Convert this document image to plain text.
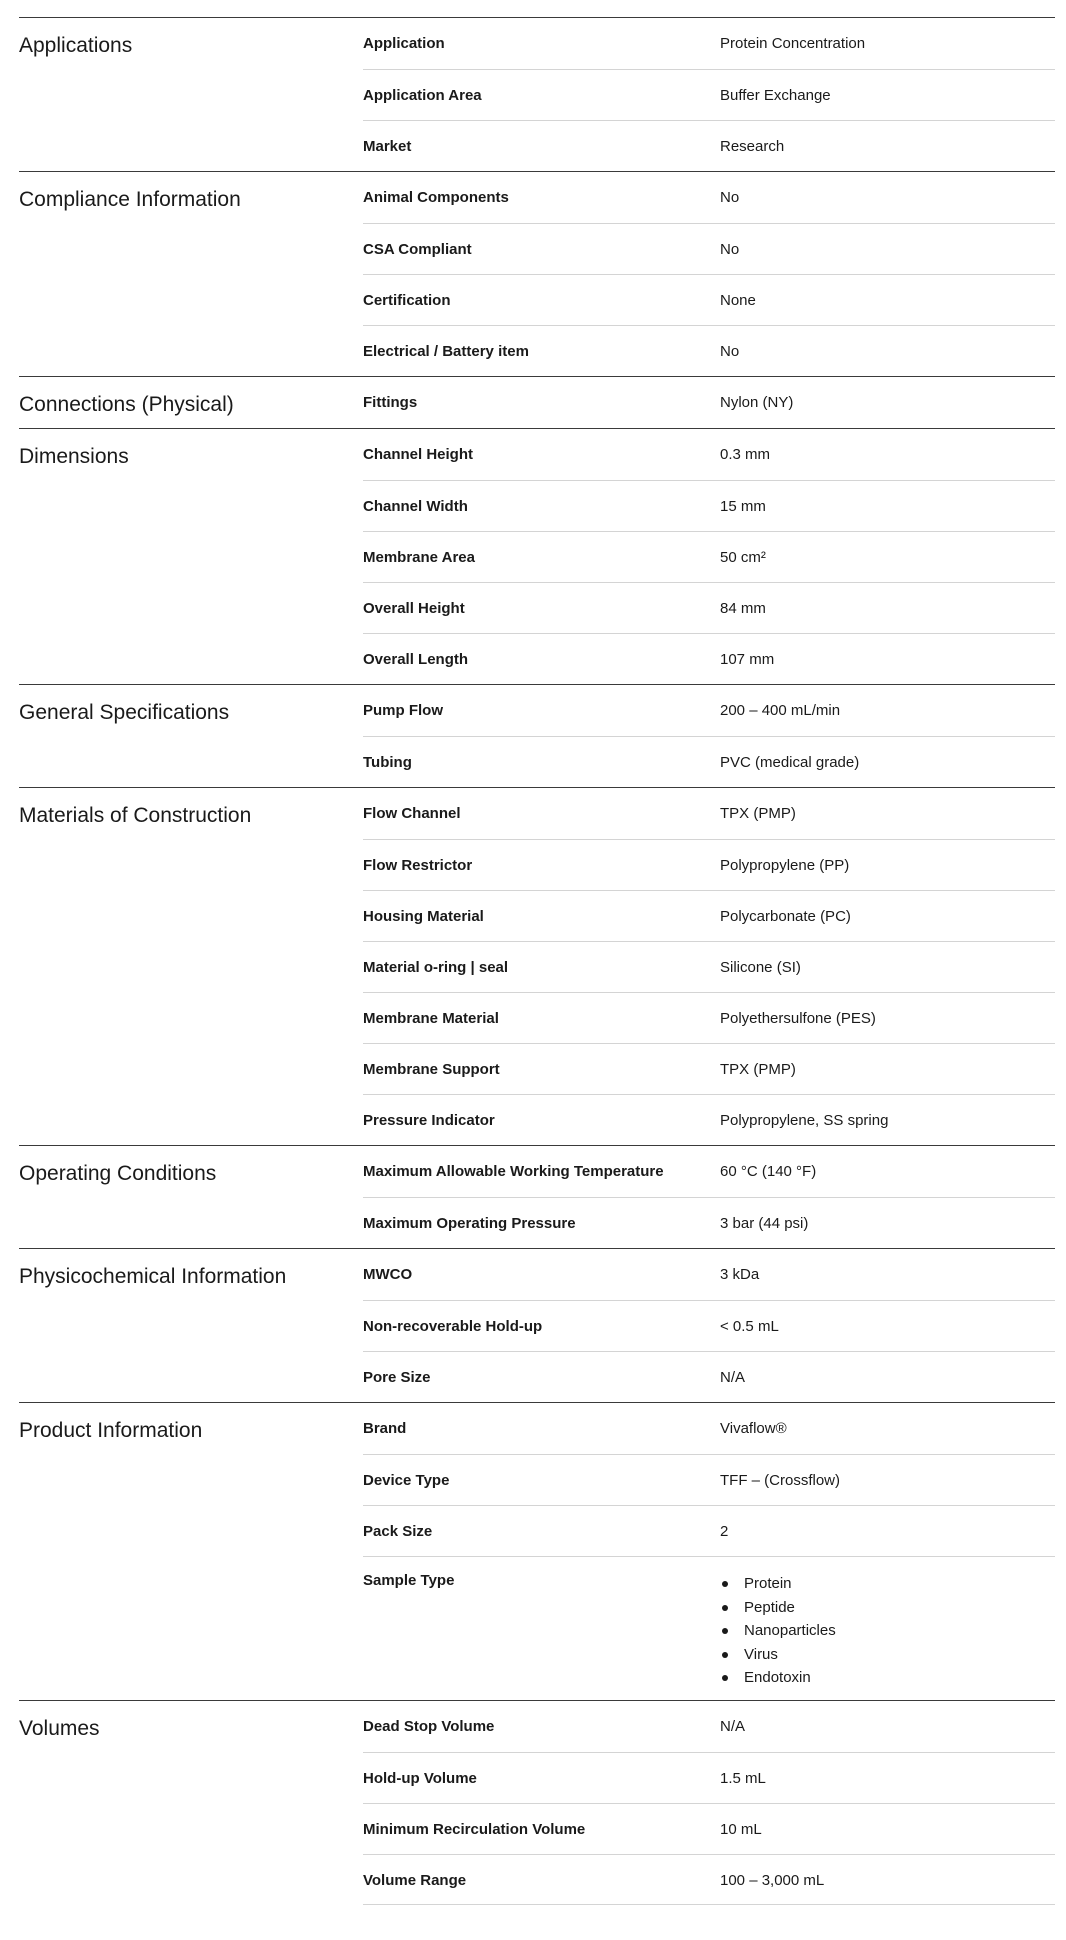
Applications	Application	Protein Concentration
Application Area	Buffer Exchange
Market	Research
Compliance Information	Animal Components	No
CSA Compliant	No
Certification	None
Electrical / Battery item	No
Connections (Physical)	Fittings	Nylon (NY)
Dimensions	Channel Height	0.3 mm
Channel Width	15 mm
Membrane Area	50 cm²
Overall Height	84 mm
Overall Length	107 mm
General Specifications	Pump Flow	200 – 400 mL/min
Tubing	PVC (medical grade)
Materials of Construction	Flow Channel	TPX (PMP)
Flow Restrictor	Polypropylene (PP)
Housing Material	Polycarbonate (PC)
Material o-ring | seal	Silicone (SI)
Membrane Material	Polyethersulfone (PES)
Membrane Support	TPX (PMP)
Pressure Indicator	Polypropylene, SS spring
Operating Conditions	Maximum Allowable Working Temperature	60 °C (140 °F)
Maximum Operating Pressure	3 bar (44 psi)
Physicochemical Information	MWCO	3 kDa
Non-recoverable Hold-up	< 0.5 mL
Pore Size	N/A
Product Information	Brand	Vivaflow®
Device Type	TFF – (Crossflow)
Pack Size	2
Sample Type	Protein
Peptide
Nanoparticles
Virus
Endotoxin
Volumes	Dead Stop Volume	N/A
Hold-up Volume	1.5 mL
Minimum Recirculation Volume	10 mL
Volume Range	100 – 3,000 mL
